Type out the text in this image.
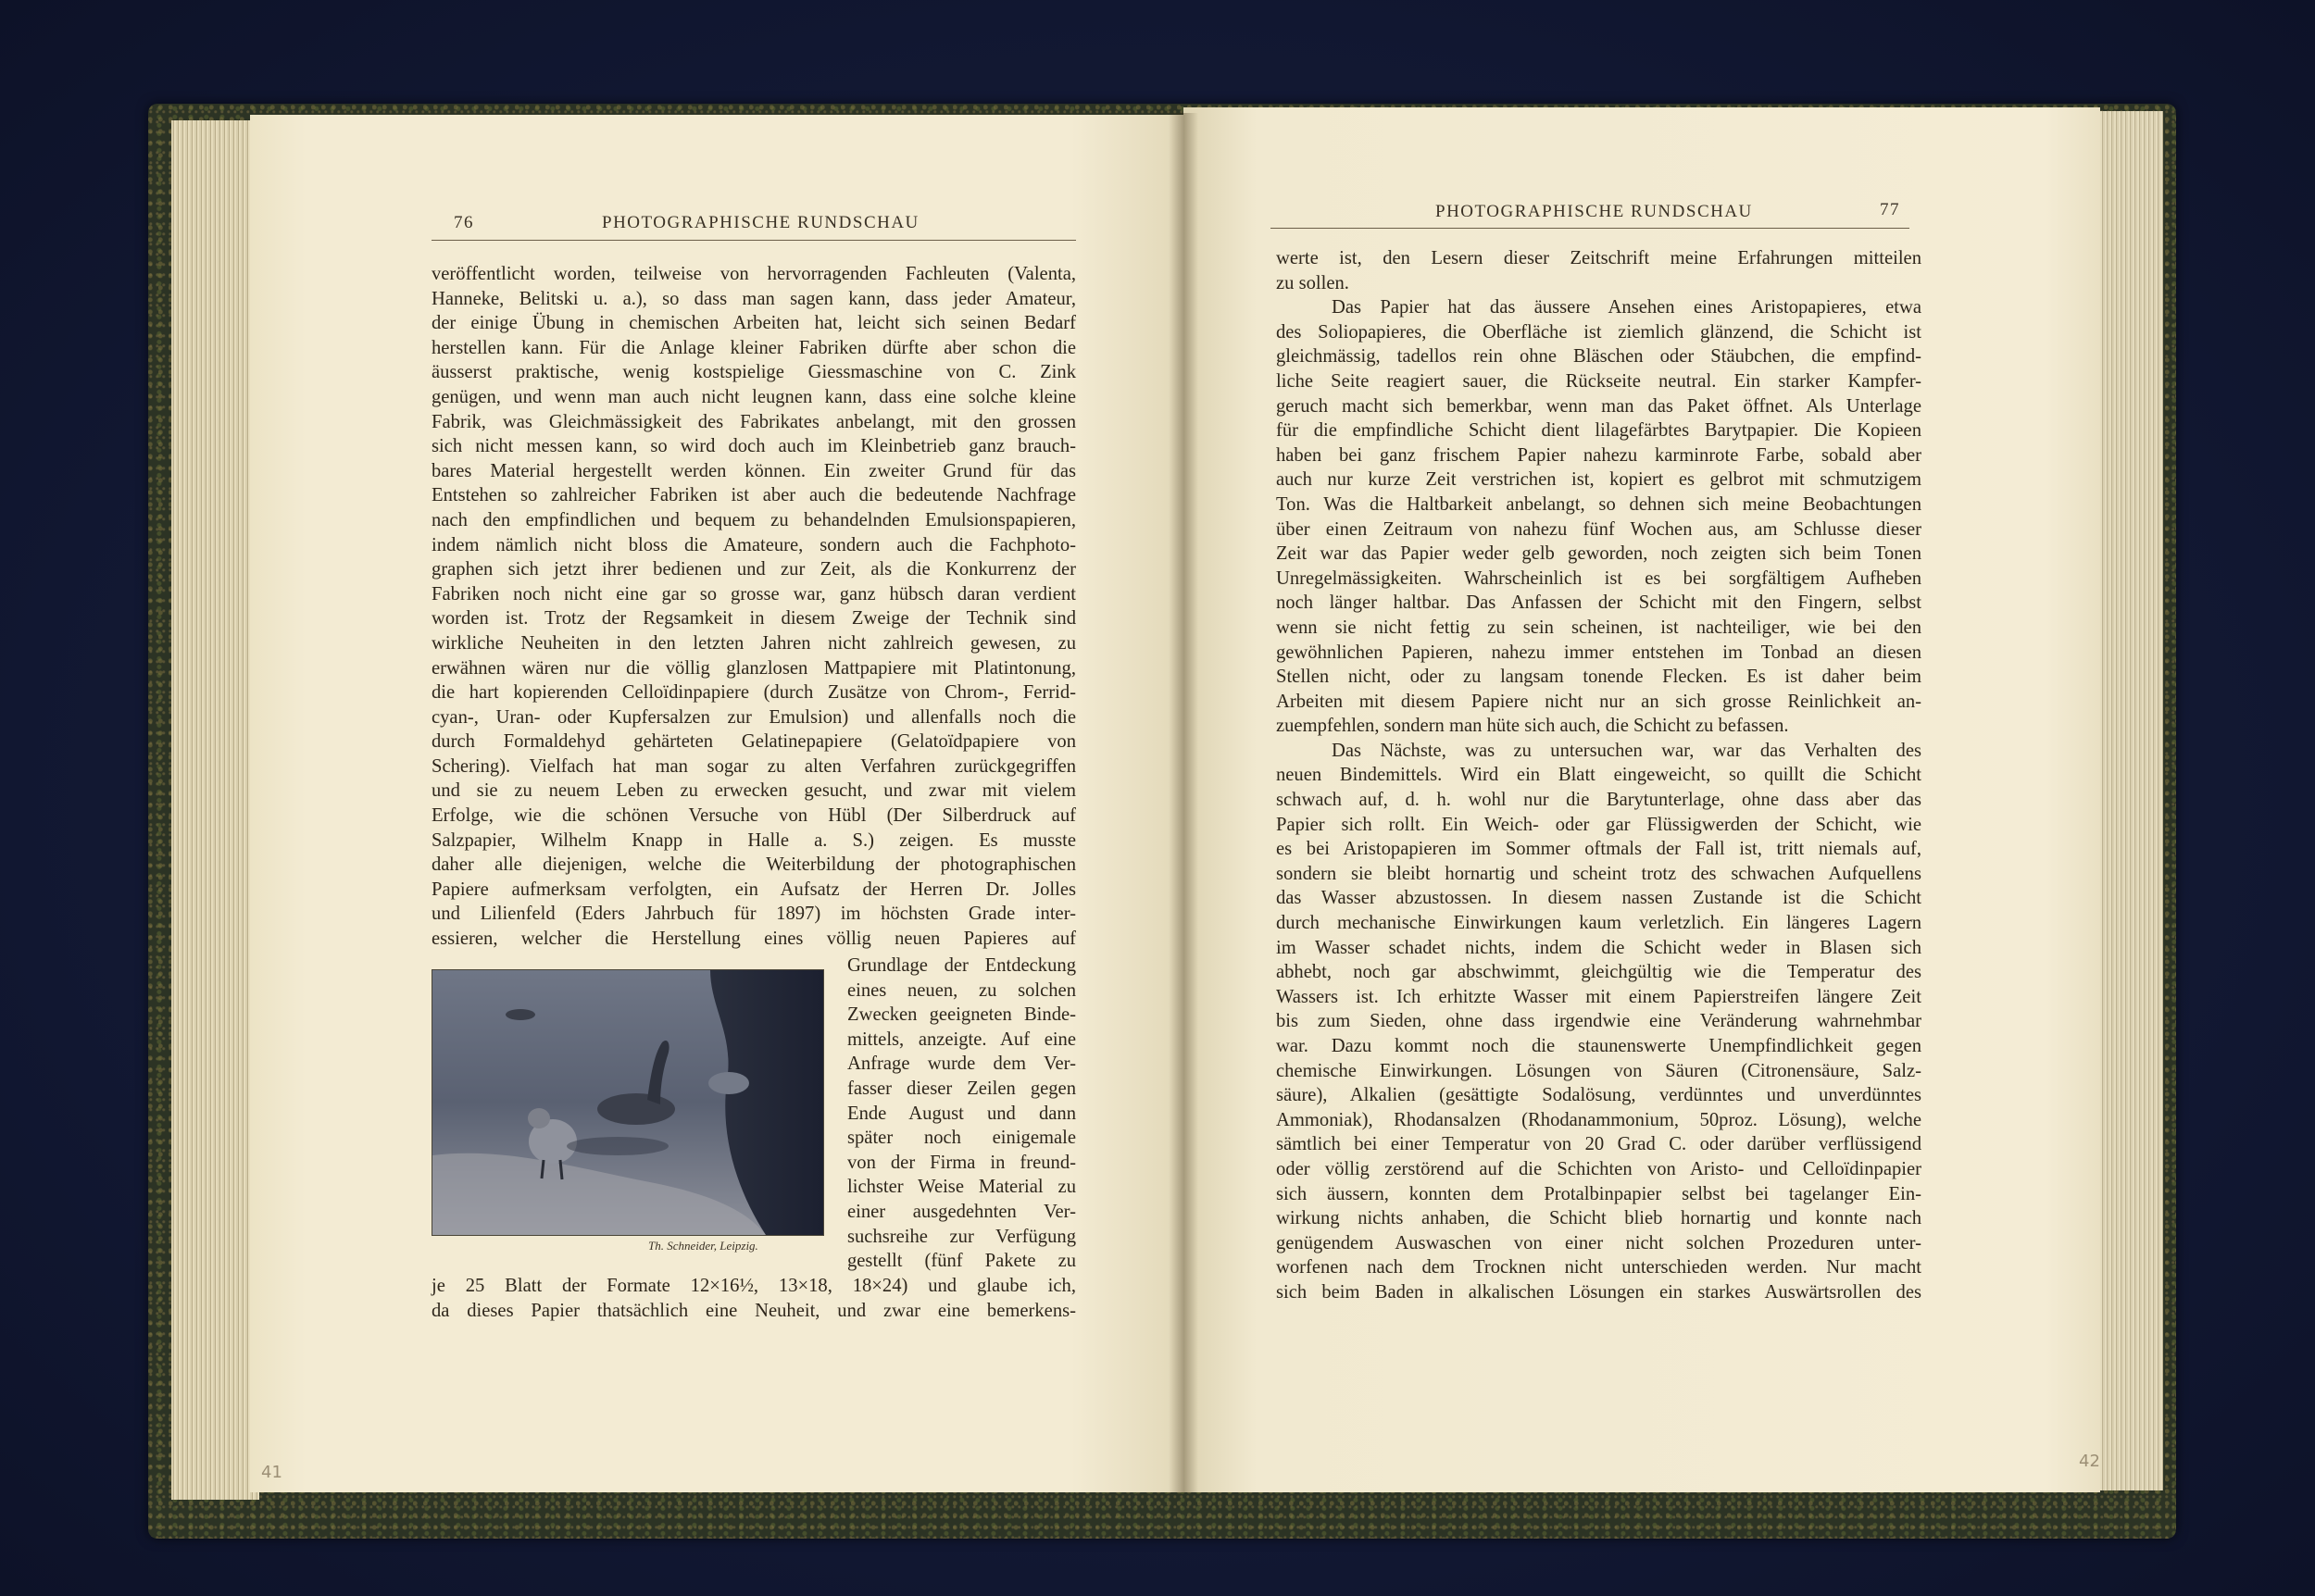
76	PHOTOGRAPHISCHE RUNDSCHAU
veröffentlicht worden, teilweise von hervorragenden Fachleuten (Valenta,
Hanneke, Belitski u. a.), so dass man sagen kann, dass jeder Amateur,
der einige Übung in chemischen Arbeiten hat, leicht sich seinen Bedarf
herstellen kann. Für die Anlage kleiner Fabriken dürfte aber schon die
äusserst praktische, wenig kostspielige Giessmaschine von C. Zink
genügen, und wenn man auch nicht leugnen kann, dass eine solche kleine
Fabrik, was Gleichmässigkeit des Fabrikates anbelangt, mit den grossen
sich nicht messen kann, so wird doch auch im Kleinbetrieb ganz brauch-
bares Material hergestellt werden können. Ein zweiter Grund für das
Entstehen so zahlreicher Fabriken ist aber auch die bedeutende Nachfrage
nach den empfindlichen und bequem zu behandelnden Emulsionspapieren,
indem nämlich nicht bloss die Amateure, sondern auch die Fachphoto-
graphen sich jetzt ihrer bedienen und zur Zeit, als die Konkurrenz der
Fabriken noch nicht eine gar so grosse war, ganz hübsch daran verdient
worden ist. Trotz der Regsamkeit in diesem Zweige der Technik sind
wirkliche Neuheiten in den letzten Jahren nicht zahlreich gewesen, zu
erwähnen wären nur die völlig glanzlosen Mattpapiere mit Platintonung,
die hart kopierenden Celloïdinpapiere (durch Zusätze von Chrom-, Ferrid-
cyan-, Uran- oder Kupfersalzen zur Emulsion) und allenfalls noch die
durch Formaldehyd gehärteten Gelatinepapiere (Gelatoïdpapiere von
Schering). Vielfach hat man sogar zu alten Verfahren zurückgegriffen
und sie zu neuem Leben zu erwecken gesucht, und zwar mit vielem
Erfolge, wie die schönen Versuche von Hübl (Der Silberdruck auf
Salzpapier, Wilhelm Knapp in Halle a. S.) zeigen. Es musste
daher alle diejenigen, welche die Weiterbildung der photographischen
Papiere aufmerksam verfolgten, ein Aufsatz der Herren Dr. Jolles
und Lilienfeld (Eders Jahrbuch für 1897) im höchsten Grade inter-
essieren, welcher die Herstellung eines völlig neuen Papieres auf
Th. Schneider, Leipzig.
Grundlage der Entdeckung
eines neuen, zu solchen
Zwecken geeigneten Binde-
mittels, anzeigte. Auf eine
Anfrage wurde dem Ver-
fasser dieser Zeilen gegen
Ende August und dann
später noch einigemale
von der Firma in freund-
lichster Weise Material zu
einer ausgedehnten Ver-
suchsreihe zur Verfügung
gestellt (fünf Pakete zu
je 25 Blatt der Formate 12×16½, 13×18, 18×24) und glaube ich,
da dieses Papier thatsächlich eine Neuheit, und zwar eine bemerkens-
41
PHOTOGRAPHISCHE RUNDSCHAU	77
werte ist, den Lesern dieser Zeitschrift meine Erfahrungen mitteilen
zu sollen.
Das Papier hat das äussere Ansehen eines Aristopapieres, etwa
des Soliopapieres, die Oberfläche ist ziemlich glänzend, die Schicht ist
gleichmässig, tadellos rein ohne Bläschen oder Stäubchen, die empfind-
liche Seite reagiert sauer, die Rückseite neutral. Ein starker Kampfer-
geruch macht sich bemerkbar, wenn man das Paket öffnet. Als Unterlage
für die empfindliche Schicht dient lilagefärbtes Barytpapier. Die Kopieen
haben bei ganz frischem Papier nahezu karminrote Farbe, sobald aber
auch nur kurze Zeit verstrichen ist, kopiert es gelbrot mit schmutzigem
Ton. Was die Haltbarkeit anbelangt, so dehnen sich meine Beobachtungen
über einen Zeitraum von nahezu fünf Wochen aus, am Schlusse dieser
Zeit war das Papier weder gelb geworden, noch zeigten sich beim Tonen
Unregelmässigkeiten. Wahrscheinlich ist es bei sorgfältigem Aufheben
noch länger haltbar. Das Anfassen der Schicht mit den Fingern, selbst
wenn sie nicht fettig zu sein scheinen, ist nachteiliger, wie bei den
gewöhnlichen Papieren, nahezu immer entstehen im Tonbad an diesen
Stellen nicht, oder zu langsam tonende Flecken. Es ist daher beim
Arbeiten mit diesem Papiere nicht nur an sich grosse Reinlichkeit an-
zuempfehlen, sondern man hüte sich auch, die Schicht zu befassen.
Das Nächste, was zu untersuchen war, war das Verhalten des
neuen Bindemittels. Wird ein Blatt eingeweicht, so quillt die Schicht
schwach auf, d. h. wohl nur die Barytunterlage, ohne dass aber das
Papier sich rollt. Ein Weich- oder gar Flüssigwerden der Schicht, wie
es bei Aristopapieren im Sommer oftmals der Fall ist, tritt niemals auf,
sondern sie bleibt hornartig und scheint trotz des schwachen Aufquellens
das Wasser abzustossen. In diesem nassen Zustande ist die Schicht
durch mechanische Einwirkungen kaum verletzlich. Ein längeres Lagern
im Wasser schadet nichts, indem die Schicht weder in Blasen sich
abhebt, noch gar abschwimmt, gleichgültig wie die Temperatur des
Wassers ist. Ich erhitzte Wasser mit einem Papierstreifen längere Zeit
bis zum Sieden, ohne dass irgendwie eine Veränderung wahrnehmbar
war. Dazu kommt noch die staunenswerte Unempfindlichkeit gegen
chemische Einwirkungen. Lösungen von Säuren (Citronensäure, Salz-
säure), Alkalien (gesättigte Sodalösung, verdünntes und unverdünntes
Ammoniak), Rhodansalzen (Rhodanammonium, 50proz. Lösung), welche
sämtlich bei einer Temperatur von 20 Grad C. oder darüber verflüssigend
oder völlig zerstörend auf die Schichten von Aristo- und Celloïdinpapier
sich äussern, konnten dem Protalbinpapier selbst bei tagelanger Ein-
wirkung nichts anhaben, die Schicht blieb hornartig und konnte nach
genügendem Auswaschen von einer nicht solchen Prozeduren unter-
worfenen nach dem Trocknen nicht unterschieden werden. Nur macht
sich beim Baden in alkalischen Lösungen ein starkes Auswärtsrollen des
42
